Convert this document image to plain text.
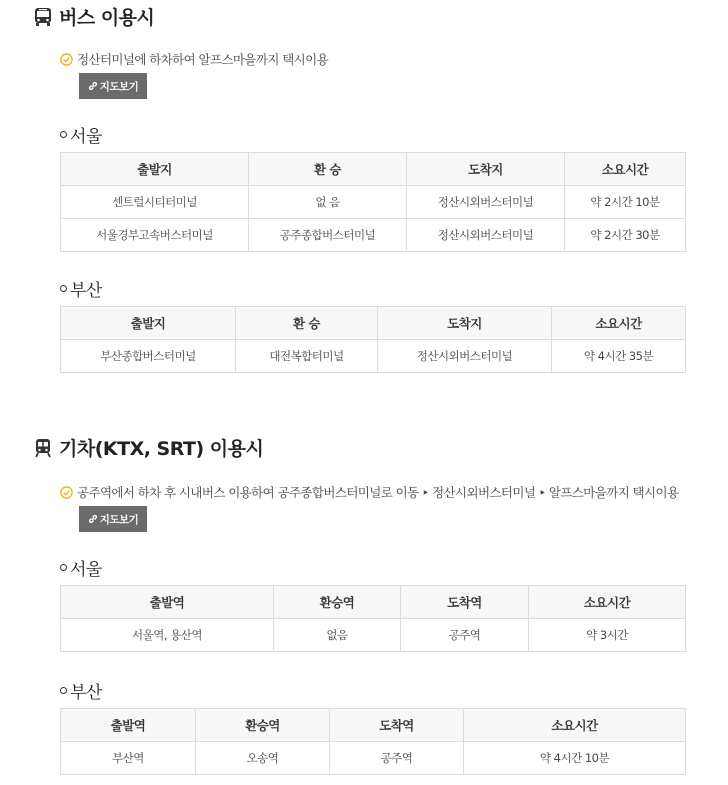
버스 이용시
정산터미널에 하차하여 알프스마을까지 택시이용
지도보기
서울
출발지	환 승	도착지	소요시간
센트럴시티터미널	없 음	정산시외버스터미널	약 2시간 10분
서울경부고속버스터미널	공주종합버스터미널	정산시외버스터미널	약 2시간 30분
부산
출발지	환 승	도착지	소요시간
부산종합버스터미널	대전복합터미널	정산시외버스터미널	약 4시간 35분
기차(KTX, SRT) 이용시
공주역에서 하차 후 시내버스 이용하여 공주종합버스터미널로 이동 ‣ 정산시외버스터미널 ‣ 알프스마을까지 택시이용
지도보기
서울
출발역	환승역	도착역	소요시간
서울역, 용산역	없음	공주역	약 3시간
부산
출발역	환승역	도착역	소요시간
부산역	오송역	공주역	약 4시간 10분
